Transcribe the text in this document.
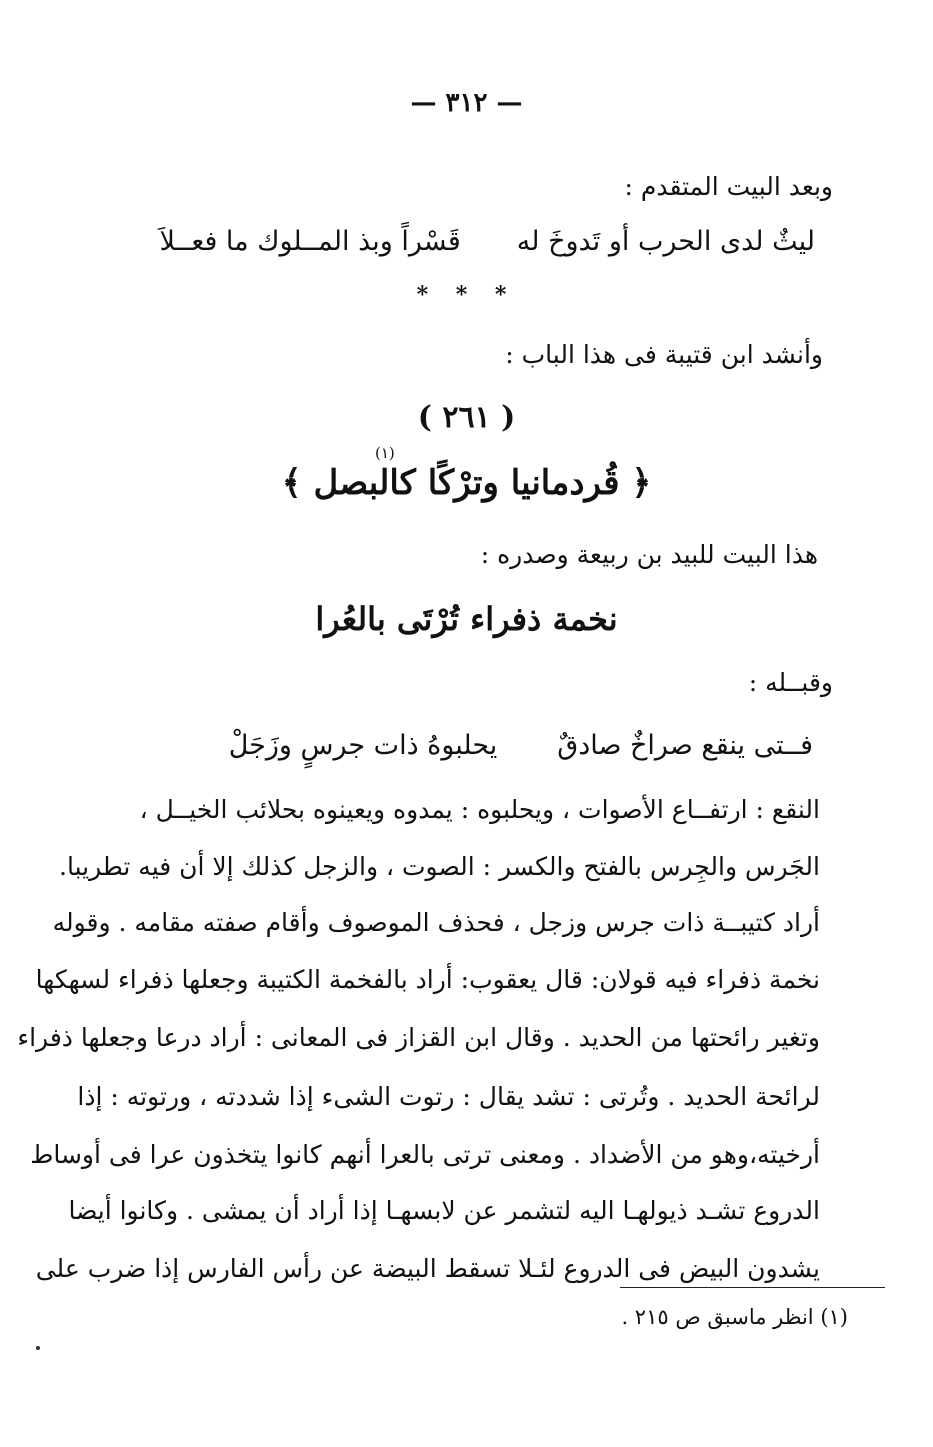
— ٣١٢ —
وبعد البيت المتقدم :
ليثٌ لدى الحرب أو تَدوخَ لهقَسْراً وبذ المــلوك ما فعــلاَ
* * *
وأنشد ابن قتيبة فى هذا الباب :
( ٢٦١ )
(١)
﴿ قُردمانيا وترْكًا كالبصل ﴾
هذا البيت للبيد بن ربيعة وصدره :
نخمة ذفراء تُرْتَى بالعُرا
وقبــله :
فــتى ينقع صراخٌ صادقٌيحلبوهُ ذات جرسٍ وزَجَلْ
النقع : ارتفــاع الأصوات ، ويحلبوه : يمدوه ويعينوه بحلائب الخيــل ،
الجَرس والجِرس بالفتح والكسر : الصوت ، والزجل كذلك إلا أن فيه تطريبا.
أراد كتيبــة ذات جرس وزجل ، فحذف الموصوف وأقام صفته مقامه . وقوله
نخمة ذفراء فيه قولان: قال يعقوب: أراد بالفخمة الكتيبة وجعلها ذفراء لسهكها
وتغير رائحتها من الحديد . وقال ابن القزاز فى المعانى : أراد درعا وجعلها ذفراء
لرائحة الحديد . وتُرتى : تشد يقال : رتوت الشىء إذا شددته ، ورتوته : إذا
أرخيته،وهو من الأضداد . ومعنى ترتى بالعرا أنهم كانوا يتخذون عرا فى أوساط
الدروع تشـد ذيولهـا اليه لتشمر عن لابسهـا إذا أراد أن يمشى . وكانوا أيضا
يشدون البيض فى الدروع لئـلا تسقط البيضة عن رأس الفارس إذا ضرب على
(١) انظر ماسبق ص ٢١٥ .
